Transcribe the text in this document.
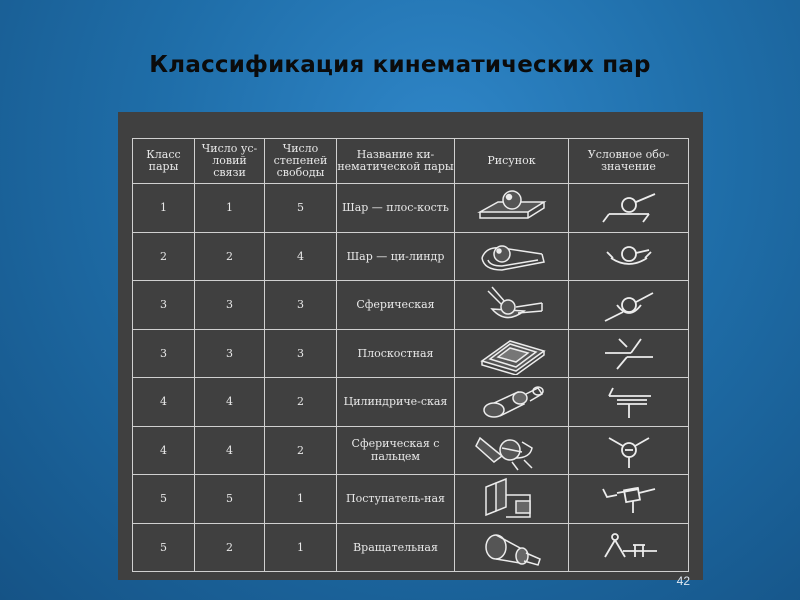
Классификация кинематических пар
Класс пары	Число ус-ловий связи	Число степеней свободы	Название ки-нематической пары	Рисунок	Условное обо-значение
1	1	5	Шар — плос-кость	

2	2	4	Шар — ци-линдр	

3	3	3	Сферическая	

3	3	3	Плоскостная	

4	4	2	Цилиндриче-ская	

4	4	2	Сферическая с пальцем	

5	5	1	Поступатель-ная	

5	2	1	Вращательная	

42
